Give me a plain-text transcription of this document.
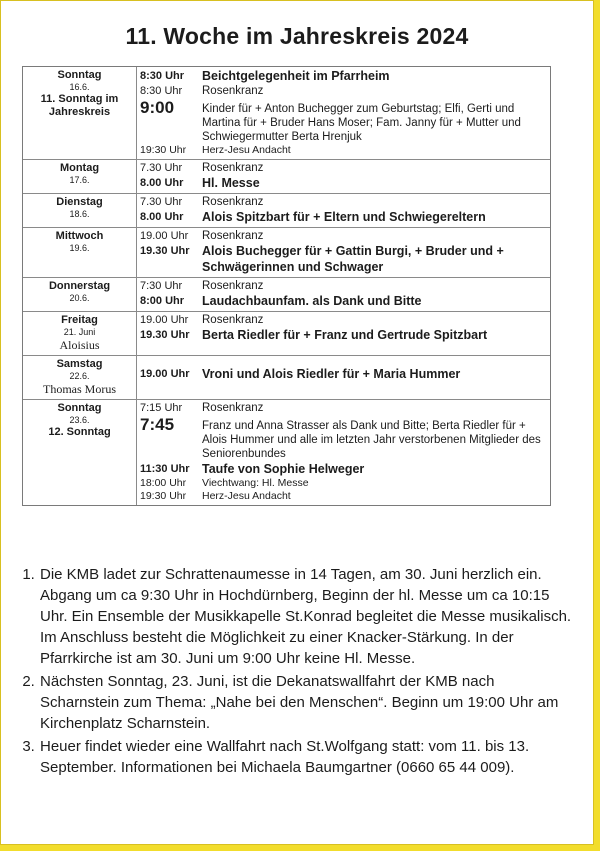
11. Woche im Jahreskreis 2024
Sonntag
16.6.
11. Sonntag im Jahreskreis
8:30 Uhr	Beichtgelegenheit im Pfarrheim
8:30 Uhr	Rosenkranz
9:00	Kinder für + Anton Buchegger zum Geburtstag; Elfi, Gerti und Martina für + Bruder Hans Moser; Fam. Janny für + Mutter und Schwiegermutter Berta Hrenjuk
19:30 Uhr	Herz-Jesu Andacht
Montag
17.6.
7.30 Uhr	Rosenkranz
8.00 Uhr	Hl. Messe
Dienstag
18.6.
7.30 Uhr	Rosenkranz
8.00 Uhr	Alois Spitzbart für + Eltern und Schwiegereltern
Mittwoch
19.6.
19.00 Uhr	Rosenkranz
19.30 Uhr Alois Buchegger für + Gattin Burgi, + Bruder und + Schwägerinnen und Schwager
Donnerstag
20.6.
7:30 Uhr	Rosenkranz
8:00 Uhr	Laudachbaunfam. als Dank und Bitte
Freitag
21. Juni
Aloisius
19.00 Uhr	Rosenkranz
19.30 Uhr Berta Riedler für + Franz und Gertrude Spitzbart
Samstag
22.6.
Thomas Morus
19.00 Uhr Vroni und Alois Riedler für + Maria Hummer
Sonntag
23.6.
12. Sonntag
7:15 Uhr	Rosenkranz
7:45	Franz und Anna Strasser als Dank und Bitte; Berta Riedler für + Alois Hummer und alle im letzten Jahr verstorbenen Mitglieder des Seniorenbundes
11:30 Uhr Taufe von Sophie Helweger
18:00 Uhr	Viechtwang: Hl. Messe
19:30 Uhr	Herz-Jesu Andacht
1. Die KMB ladet zur Schrattenaumesse in 14 Tagen, am 30. Juni herzlich ein. Abgang um ca 9:30 Uhr in Hochdürnberg, Beginn der hl. Messe um ca 10:15 Uhr. Ein Ensemble der Musikkapelle St.Konrad begleitet die Messe musikalisch. Im Anschluss besteht die Möglichkeit zu einer Knacker-Stärkung. In der Pfarrkirche ist am 30. Juni um 9:00 Uhr keine Hl. Messe.
2. Nächsten Sonntag, 23. Juni, ist die Dekanatswallfahrt der KMB nach Scharnstein zum Thema: „Nahe bei den Menschen“. Beginn um 19:00 Uhr am Kirchenplatz Scharnstein.
3. Heuer findet wieder eine Wallfahrt nach St.Wolfgang statt: vom 11. bis 13. September. Informationen bei Michaela Baumgartner (0660 65 44 009).
